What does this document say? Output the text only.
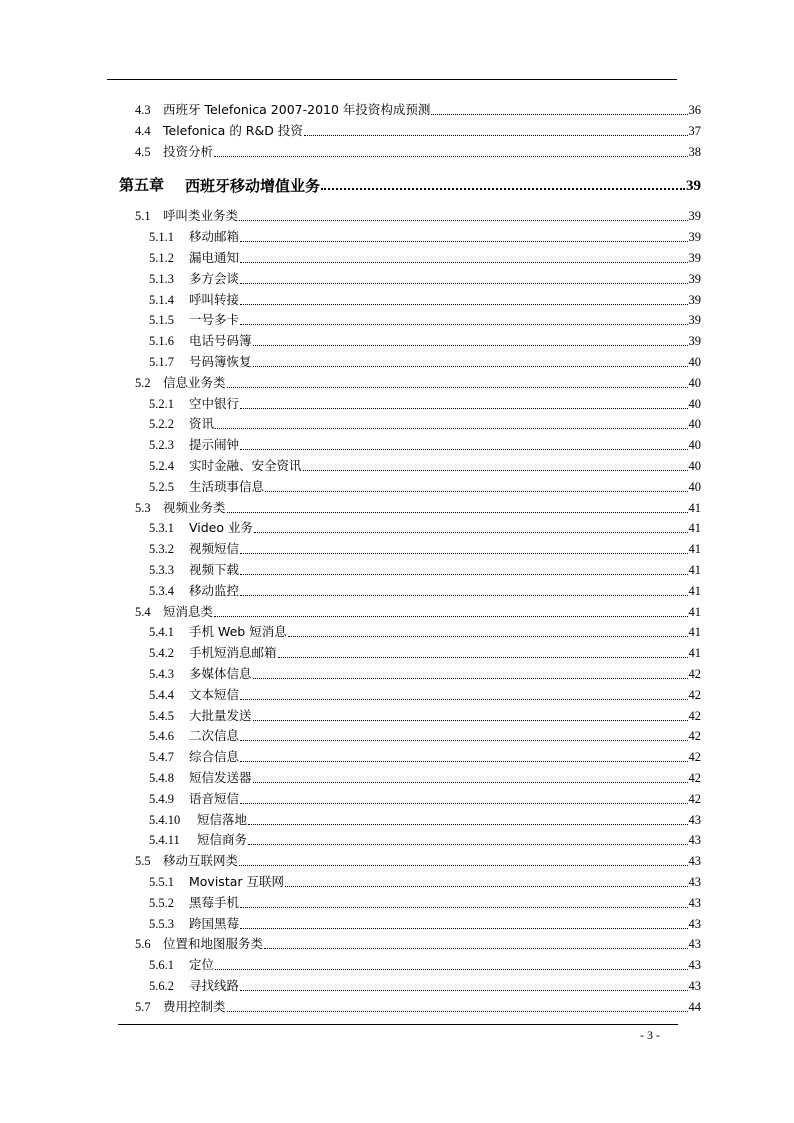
4.3 西班牙 Telefonica 2007-2010 年投资构成预测	36
4.4 Telefonica 的 R&D 投资	37
4.5 投资分析	38
第五章	西班牙移动增值业务	39
5.1 呼叫类业务类	39
5.1.1	移动邮箱	39
5.1.2	漏电通知	39
5.1.3	多方会谈	39
5.1.4	呼叫转接	39
5.1.5	一号多卡	39
5.1.6	电话号码簿	39
5.1.7	号码簿恢复	40
5.2 信息业务类	40
5.2.1	空中银行	40
5.2.2	资讯	40
5.2.3	提示闹钟	40
5.2.4	实时金融、安全资讯	40
5.2.5	生活琐事信息	40
5.3 视频业务类	41
5.3.1	Video 业务	41
5.3.2	视频短信	41
5.3.3	视频下载	41
5.3.4	移动监控	41
5.4 短消息类	41
5.4.1	手机 Web 短消息	41
5.4.2	手机短消息邮箱	41
5.4.3	多媒体信息	42
5.4.4	文本短信	42
5.4.5	大批量发送	42
5.4.6	二次信息	42
5.4.7	综合信息	42
5.4.8	短信发送器	42
5.4.9	语音短信	42
5.4.10	短信落地	43
5.4.11	短信商务	43
5.5 移动互联网类	43
5.5.1	Movistar 互联网	43
5.5.2	黑莓手机	43
5.5.3	跨国黑莓	43
5.6 位置和地图服务类	43
5.6.1	定位	43
5.6.2	寻找线路	43
5.7 费用控制类	44
- 3 -
